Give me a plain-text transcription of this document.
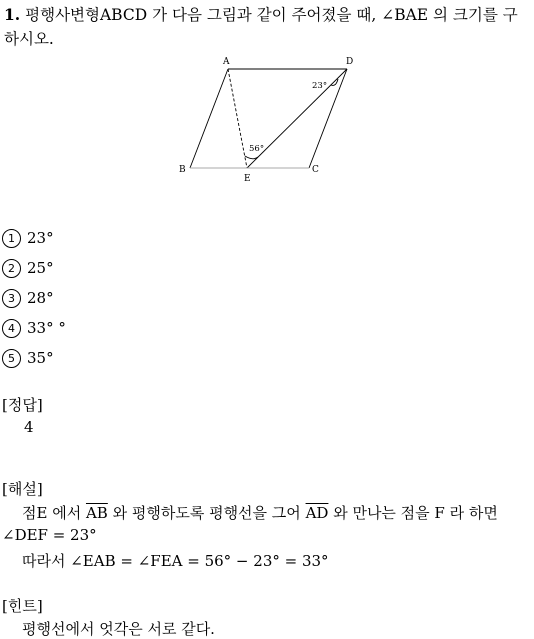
1. 평행사변형ABCD 가 다음 그림과 같이 주어졌을 때, ∠BAE 의 크기를 구
하시오.
A	D
B	C
E
23°
56°
1 23°
2 25°
3 28°
4 33° °
5 35°
[정답]
4
[해설]
점E 에서 $\overline{AB}$ 와 평행하도록 평행선을 그어 $\overline{AD}$ 와 만나는 점을 F 라 하면
∠DEF = 23°
따라서 ∠EAB = ∠FEA = 56° − 23° = 33°
[힌트]
평행선에서 엇각은 서로 같다.
